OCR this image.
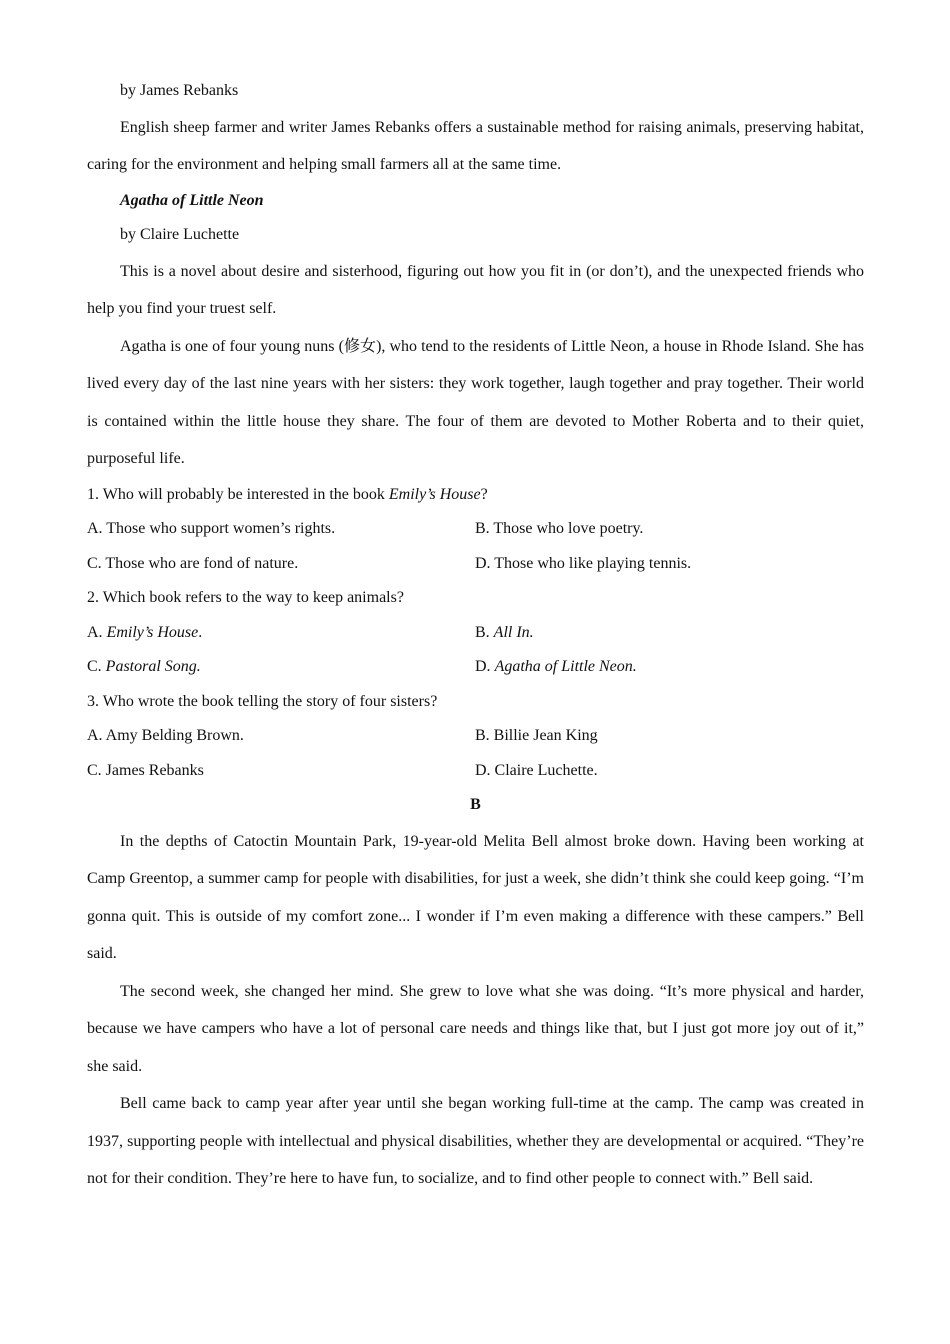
by James Rebanks

English sheep farmer and writer James Rebanks offers a sustainable method for raising animals, preserving habitat, caring for the environment and helping small farmers all at the same time.

Agatha of Little Neon

by Claire Luchette

This is a novel about desire and sisterhood, figuring out how you fit in (or don’t), and the unexpected friends who help you find your truest self.

Agatha is one of four young nuns (修女), who tend to the residents of Little Neon, a house in Rhode Island. She has lived every day of the last nine years with her sisters: they work together, laugh together and pray together. Their world is contained within the little house they share. The four of them are devoted to Mother Roberta and to their quiet, purposeful life.

1. Who will probably be interested in the book Emily’s House?

A. Those who support women’s rights.	B. Those who love poetry.
C. Those who are fond of nature.	D. Those who like playing tennis.

2. Which book refers to the way to keep animals?

A. Emily’s House.	B. All In.
C. Pastoral Song.	D. Agatha of Little Neon.

3. Who wrote the book telling the story of four sisters?

A. Amy Belding Brown.	B. Billie Jean King
C. James Rebanks	D. Claire Luchette.

B

In the depths of Catoctin Mountain Park, 19-year-old Melita Bell almost broke down. Having been working at Camp Greentop, a summer camp for people with disabilities, for just a week, she didn’t think she could keep going. “I’m gonna quit. This is outside of my comfort zone... I wonder if I’m even making a difference with these campers.” Bell said.

The second week, she changed her mind. She grew to love what she was doing. “It’s more physical and harder, because we have campers who have a lot of personal care needs and things like that, but I just got more joy out of it,” she said.

Bell came back to camp year after year until she began working full-time at the camp. The camp was created in 1937, supporting people with intellectual and physical disabilities, whether they are developmental or acquired. “They’re not for their condition. They’re here to have fun, to socialize, and to find other people to connect with.” Bell said.
